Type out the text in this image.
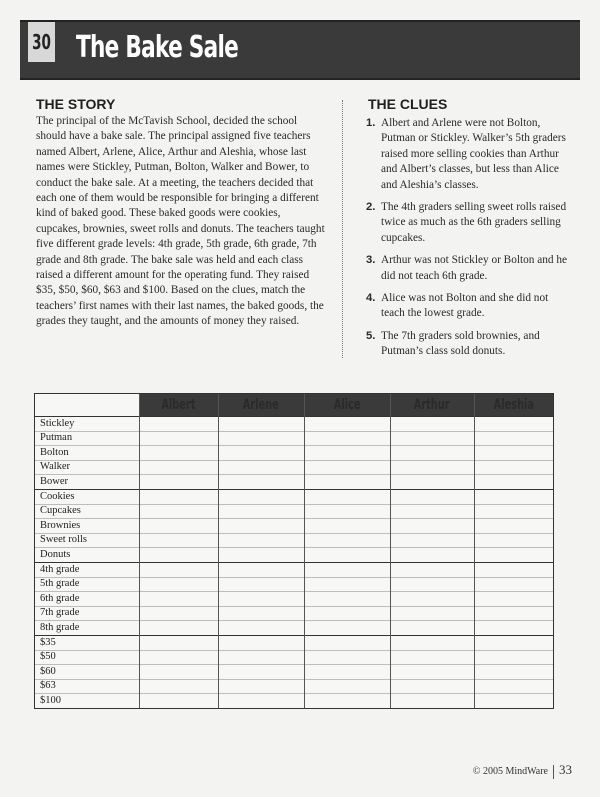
30 The Bake Sale
THE STORY

The principal of the McTavish School, decided the school should have a bake sale. The principal assigned five teachers named Albert, Arlene, Alice, Arthur and Aleshia, whose last names were Stickley, Putman, Bolton, Walker and Bower, to conduct the bake sale. At a meeting, the teachers decided that each one of them would be responsible for bringing a different kind of baked good. These baked goods were cookies, cupcakes, brownies, sweet rolls and donuts. The teachers taught five different grade levels: 4th grade, 5th grade, 6th grade, 7th grade and 8th grade. The bake sale was held and each class raised a different amount for the operating fund. They raised $35, $50, $60, $63 and $100. Based on the clues, match the teachers’ first names with their last names, the baked goods, the grades they taught, and the amounts of money they raised.

THE CLUES
1. Albert and Arlene were not Bolton, Putman or Stickley. Walker’s 5th graders raised more selling cookies than Arthur and Albert’s classes, but less than Alice and Aleshia’s classes.
2. The 4th graders selling sweet rolls raised twice as much as the 6th graders selling cupcakes.
3. Arthur was not Stickley or Bolton and he did not teach 6th grade.
4. Alice was not Bolton and she did not teach the lowest grade.
5. The 7th graders sold brownies, and Putman’s class sold donuts.
Albert	Arlene	Alice	Arthur	Aleshia
Stickley
Putman
Bolton
Walker
Bower
Cookies
Cupcakes
Brownies
Sweet rolls
Donuts
4th grade
5th grade
6th grade
7th grade
8th grade
$35
$50
$60
$63
$100
© 2005 MindWare 33
